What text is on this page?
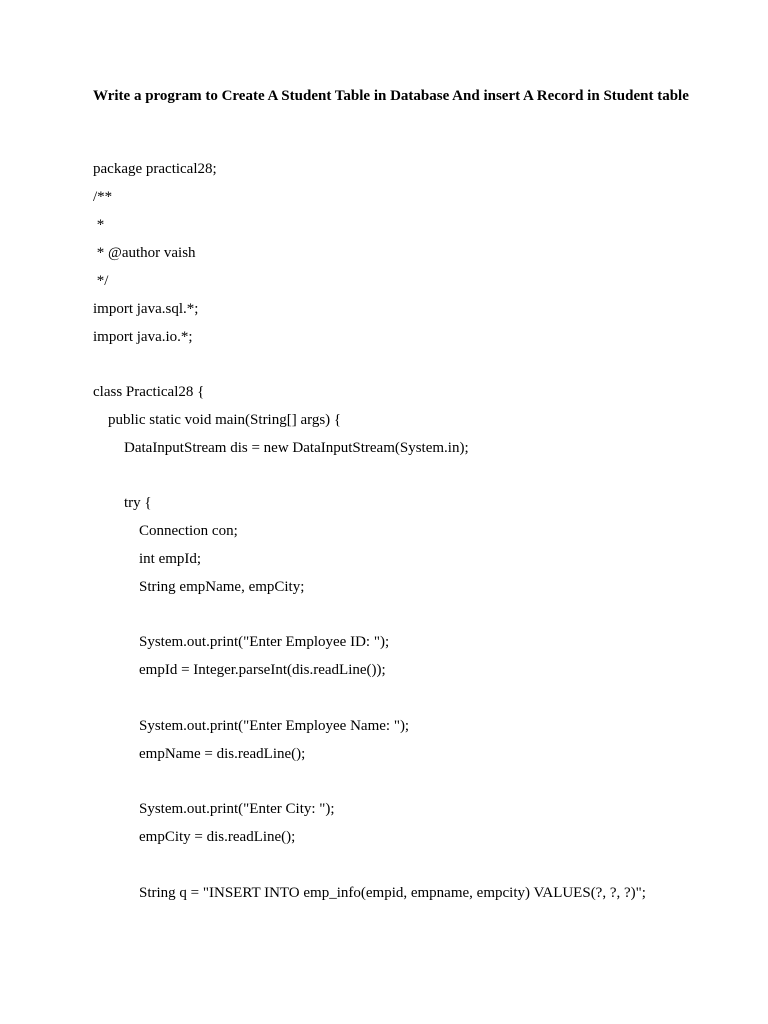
Write a program to Create A Student Table in Database And insert A Record in Student table

package practical28;
/**
*
* @author vaish
*/
import java.sql.*;
import java.io.*;
class Practical28 {
public static void main(String[] args) {
DataInputStream dis = new DataInputStream(System.in);
try {
Connection con;
int empId;
String empName, empCity;
System.out.print("Enter Employee ID: ");
empId = Integer.parseInt(dis.readLine());
System.out.print("Enter Employee Name: ");
empName = dis.readLine();
System.out.print("Enter City: ");
empCity = dis.readLine();
String q = "INSERT INTO emp_info(empid, empname, empcity) VALUES(?, ?, ?)";
